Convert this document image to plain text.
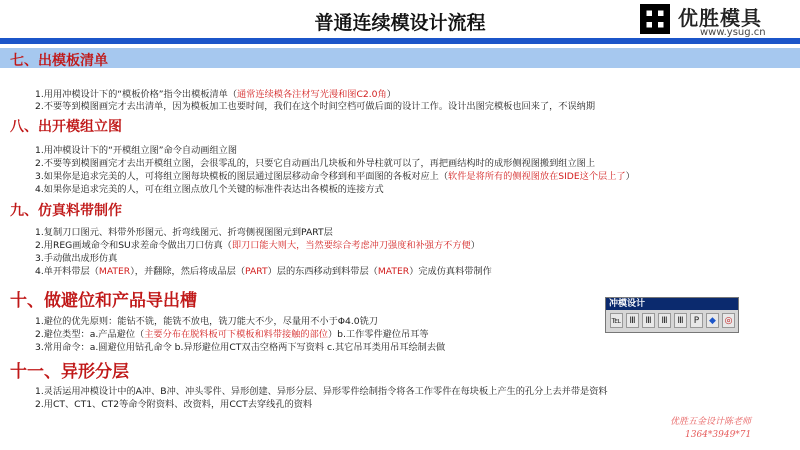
普通连续模设计流程	优胜模具
www.ysug.cn
七、出模板清单
1.用用冲模设计下的“模板价格”指令出模板清单（通常连续模各注材写光漫和图C2.0角）
2.不要等到模图画完才去出清单，因为模板加工也要时间，我们在这个时间空档可做后面的设计工作。设计出图完模板也回来了，不误纳期
八、出开模组立图
1.用冲模设计下的“开模组立图”命令自动画组立图
2.不要等到模图画完才去出开模组立图，会很零乱的，只要它自动画出几块板和外导柱就可以了，再把画结构时的成形侧视图搬到组立图上
3.如果你是追求完美的人，可将组立图每块模板的图层通过图层移动命令移到和平面图的各板对应上（软件是将所有的侧视图放在SIDE这个层上了）
4.如果你是追求完美的人，可在组立图点放几个关键的标准件表达出各模板的连接方式
九、仿真料带制作
1.复制刀口图元、料带外形图元、折弯线图元、折弯侧视图图元到PART层
2.用REG画域命令和SU求差命令做出刀口仿真（即刀口能大则大，当然要综合考虑冲刀强度和补强方不方便）
3.手动做出成形仿真
4.单开料带层（MATER），并翻除，然后将成品层（PART）层的东西移动到料带层（MATER）完成仿真料带制作
十、做避位和产品导出槽
1.避位的优先原则：能钻不铣，能铣不放电，铣刀能大不少，尽量用不小于Φ4.0铣刀
2.避位类型：a.产品避位（主要分布在脱料板可下模板和料带接触的部位）b.工作零件避位吊耳等
3.常用命令：a.圆避位用钻孔命令 b.异形避位用CT双击空格两下写资料 c.其它吊耳类用吊耳绘制去做
冲模设计
℡ Ⅲ	Ⅲ	Ⅲ	Ⅲ	P	◆ ◎
十一、异形分层
1.灵活运用冲模设计中的A冲、B冲、冲头零件、异形创建、异形分层、异形零件绘制指令将各工作零件在每块板上产生的孔分上去并带是资料
2.用CT、CT1、CT2等命令附资料、改资料，用CCT去穿线孔的资料
优胜五金设计陈老师
1364*3949*71
